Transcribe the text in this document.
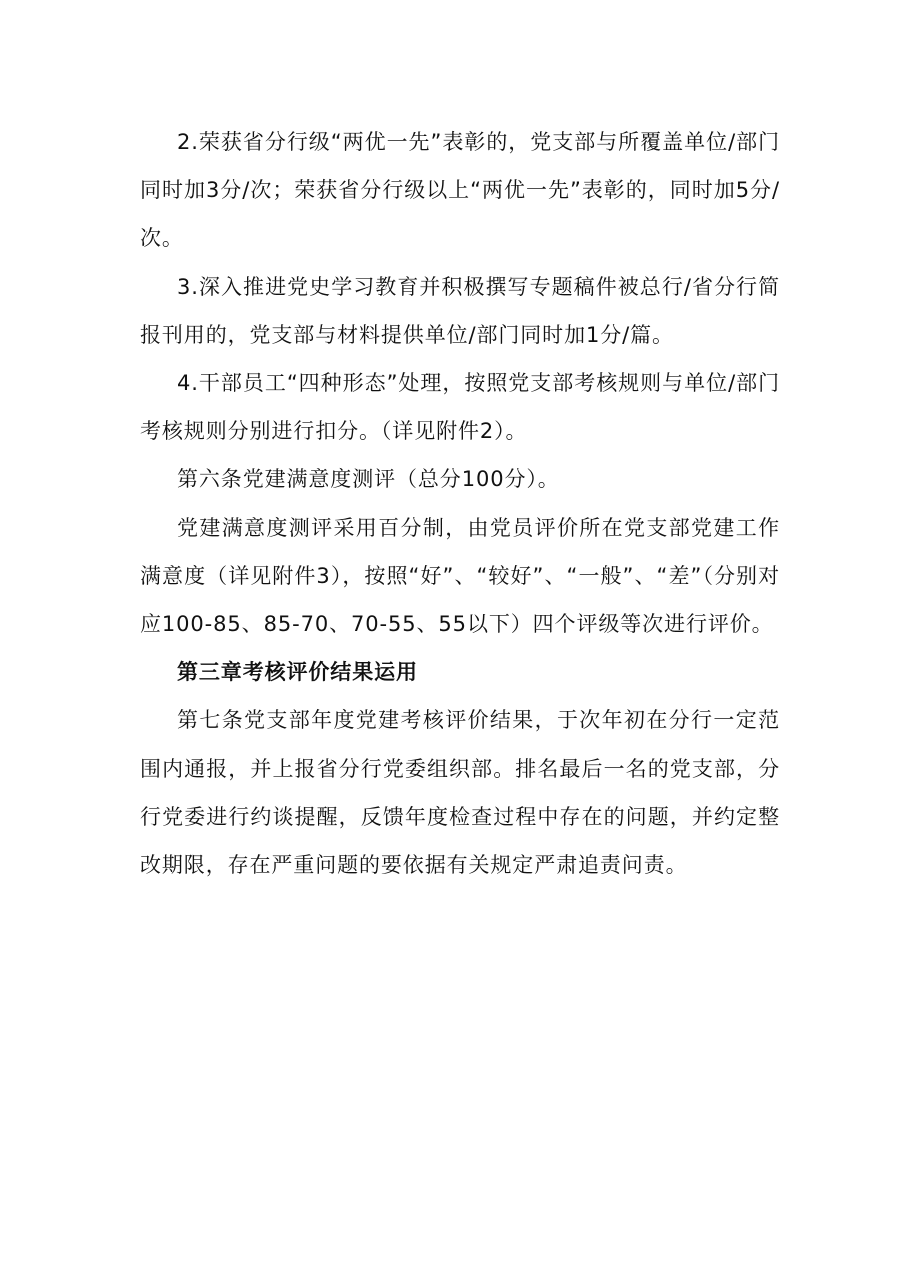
2.荣获省分行级“两优一先”表彰的，党支部与所覆盖单位/部门同时加3分/次；荣获省分行级以上“两优一先”表彰的，同时加5分/次。

3.深入推进党史学习教育并积极撰写专题稿件被总行/省分行简报刊用的，党支部与材料提供单位/部门同时加1分/篇。

4.干部员工“四种形态”处理，按照党支部考核规则与单位/部门考核规则分别进行扣分。（详见附件2）。

第六条党建满意度测评（总分100分）。

党建满意度测评采用百分制，由党员评价所在党支部党建工作满意度（详见附件3），按照“好”、“较好”、“一般”、“差”（分别对应100-85、85-70、70-55、55以下）四个评级等次进行评价。

第三章考核评价结果运用

第七条党支部年度党建考核评价结果，于次年初在分行一定范围内通报，并上报省分行党委组织部。排名最后一名的党支部，分行党委进行约谈提醒，反馈年度检查过程中存在的问题，并约定整改期限，存在严重问题的要依据有关规定严肃追责问责。
